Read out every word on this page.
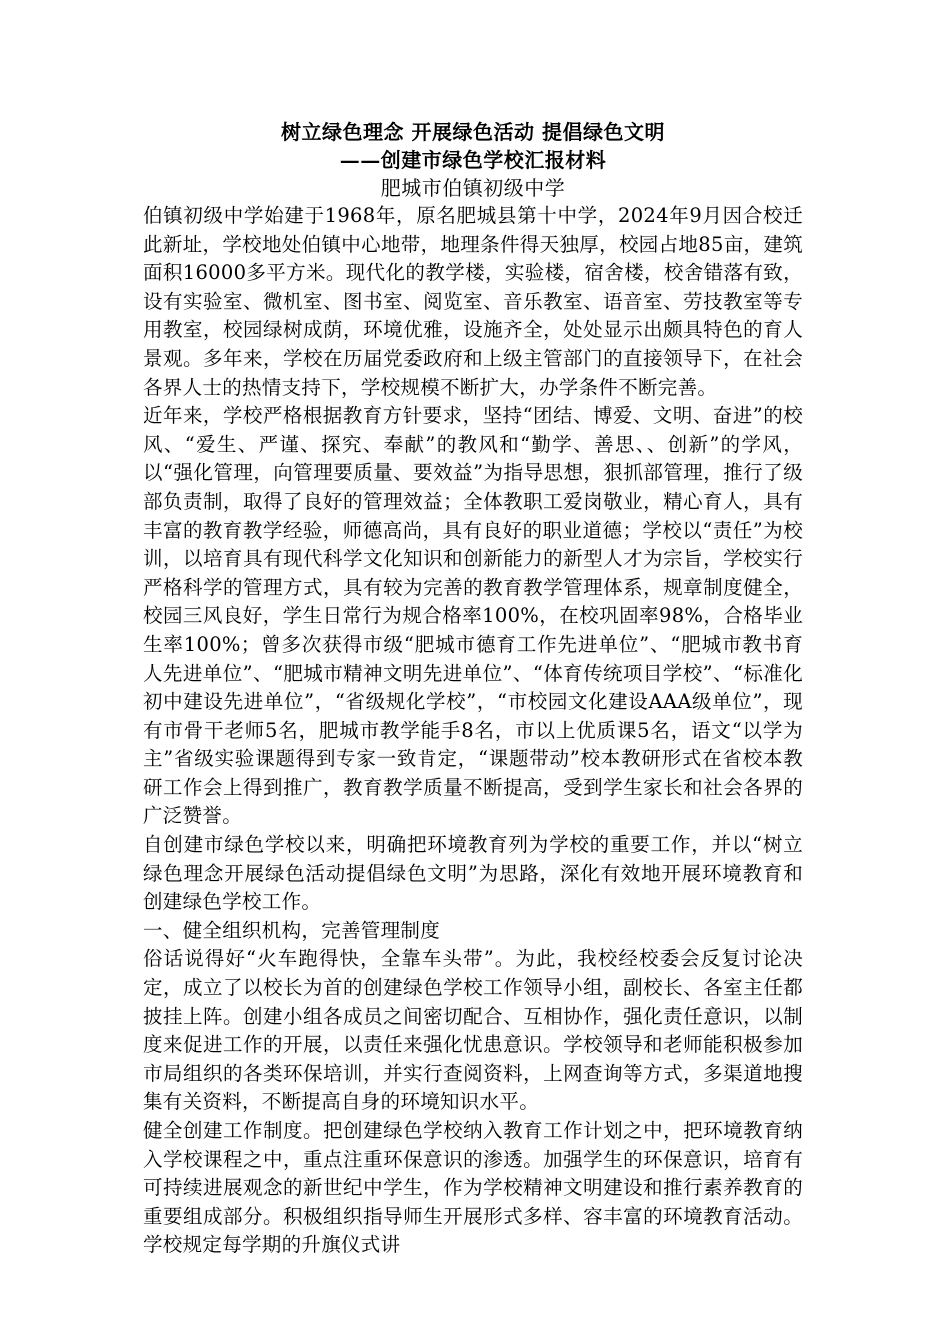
树立绿色理念 开展绿色活动 提倡绿色文明

——创建市绿色学校汇报材料

肥城市伯镇初级中学

伯镇初级中学始建于1968年，原名肥城县第十中学，2024年9月因合校迁此新址，学校地处伯镇中心地带，地理条件得天独厚，校园占地85亩，建筑面积16000多平方米。现代化的教学楼，实验楼，宿舍楼，校舍错落有致，设有实验室、微机室、图书室、阅览室、音乐教室、语音室、劳技教室等专用教室，校园绿树成荫，环境优雅，设施齐全，处处显示出颇具特色的育人景观。多年来，学校在历届党委政府和上级主管部门的直接领导下，在社会各界人士的热情支持下，学校规模不断扩大，办学条件不断完善。

近年来，学校严格根据教育方针要求，坚持“团结、博爱、文明、奋进”的校风、“爱生、严谨、探究、奉献”的教风和“勤学、善思、、创新”的学风，以“强化管理，向管理要质量、要效益”为指导思想，狠抓部管理，推行了级部负责制，取得了良好的管理效益；全体教职工爱岗敬业，精心育人，具有丰富的教育教学经验，师德高尚，具有良好的职业道德；学校以“责任”为校训，以培育具有现代科学文化知识和创新能力的新型人才为宗旨，学校实行严格科学的管理方式，具有较为完善的教育教学管理体系，规章制度健全，校园三风良好，学生日常行为规合格率100%，在校巩固率98%，合格毕业生率100%；曾多次获得市级“肥城市德育工作先进单位”、“肥城市教书育人先进单位”、“肥城市精神文明先进单位”、“体育传统项目学校”、“标准化初中建设先进单位”，“省级规化学校”，“市校园文化建设AAA级单位”，现有市骨干老师5名，肥城市教学能手8名，市以上优质课5名，语文“以学为主”省级实验课题得到专家一致肯定，“课题带动”校本教研形式在省校本教研工作会上得到推广，教育教学质量不断提高，受到学生家长和社会各界的广泛赞誉。

自创建市绿色学校以来，明确把环境教育列为学校的重要工作，并以“树立绿色理念开展绿色活动提倡绿色文明”为思路，深化有效地开展环境教育和创建绿色学校工作。

一、健全组织机构，完善管理制度

俗话说得好“火车跑得快，全靠车头带”。为此，我校经校委会反复讨论决定，成立了以校长为首的创建绿色学校工作领导小组，副校长、各室主任都披挂上阵。创建小组各成员之间密切配合、互相协作，强化责任意识，以制度来促进工作的开展，以责任来强化忧患意识。学校领导和老师能积极参加市局组织的各类环保培训，并实行查阅资料，上网查询等方式，多渠道地搜集有关资料，不断提高自身的环境知识水平。

健全创建工作制度。把创建绿色学校纳入教育工作计划之中，把环境教育纳入学校课程之中，重点注重环保意识的渗透。加强学生的环保意识，培育有可持续进展观念的新世纪中学生，作为学校精神文明建设和推行素养教育的重要组成部分。积极组织指导师生开展形式多样、容丰富的环境教育活动。学校规定每学期的升旗仪式讲
